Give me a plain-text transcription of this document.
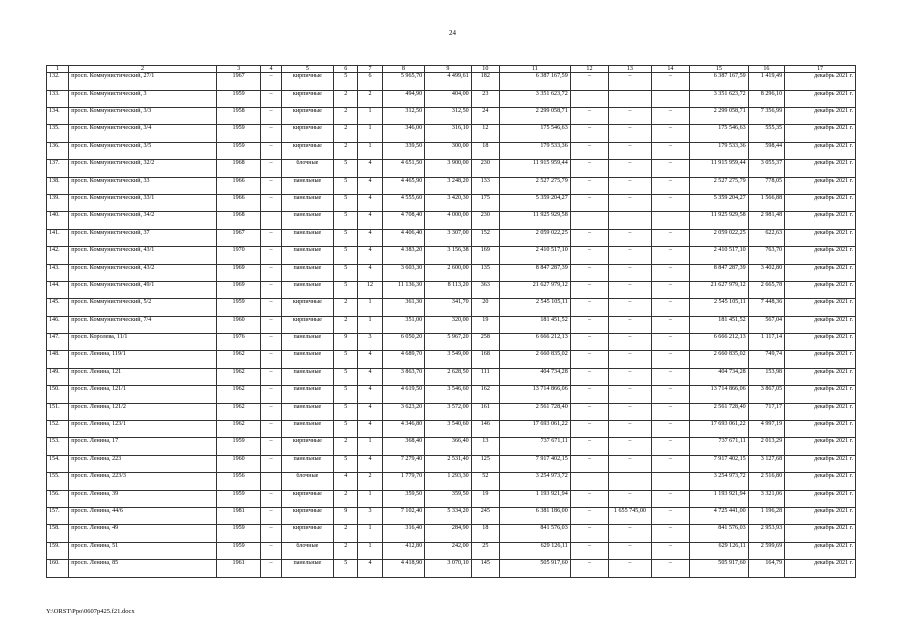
24
1	2	3	4	5	6	7	8	9	10	11	12	13	14	15	16	17
132.	просп. Коммунистический, 27/1	1967	–	кирпичные	5	6	5 965,70	4 499,61	182	6 387 167,59	–	–	–	6 387 167,59	1 419,49	декабрь 2021 г.
133.	просп. Коммунистический, 3	1959	–	кирпичные	2	2	494,90	404,00	23	3 351 623,72				3 351 623,72	8 296,10	декабрь 2021 г.
134.	просп. Коммунистический, 3/3	1958	–	кирпичные	2	1	312,50	312,50	24	2 299 058,71	–	–	–	2 299 058,71	7 356,99	декабрь 2021 г.
135.	просп. Коммунистический, 3/4	1959	–	кирпичные	2	1	346,00	316,10	12	175 546,63	–	–	–	175 546,63	555,35	декабрь 2021 г.
136.	просп. Коммунистический, 3/5	1959	–	кирпичные	2	1	339,50	300,00	18	179 533,36	–	–	–	179 533,36	598,44	декабрь 2021 г.
137.	просп. Коммунистический, 32/2	1968	–	блочные	5	4	4 651,50	3 900,00	230	11 915 959,44	–	–	–	11 915 959,44	3 055,37	декабрь 2021 г.
138.	просп. Коммунистический, 33	1966	–	панельные	5	4	4 465,90	3 248,20	133	2 527 275,79	–	–	–	2 527 275,79	778,05	декабрь 2021 г.
139.	просп. Коммунистический, 33/1	1966	–	панельные	5	4	4 555,60	3 420,30	175	5 359 204,27	–	–	–	5 359 204,27	1 566,88	декабрь 2021 г.
140.	просп. Коммунистический, 34/2	1968		панельные	5	4	4 708,40	4 000,00	230	11 925 929,58				11 925 929,58	2 981,48	декабрь 2021 г.
141.	просп. Коммунистический, 37	1967	–	панельные	5	4	4 406,40	3 307,00	152	2 059 022,25	–	–	–	2 059 022,25	622,63	декабрь 2021 г.
142.	просп. Коммунистический, 43/1	1970	–	панельные	5	4	4 383,20	3 156,38	169	2 410 517,10	–	–	–	2 410 517,10	763,70	декабрь 2021 г.
143.	просп. Коммунистический, 43/2	1969	–	панельные	5	4	3 603,30	2 600,00	135	8 847 287,39	–	–	–	8 847 287,39	3 402,80	декабрь 2021 г.
144.	просп. Коммунистический, 49/1	1969	–	панельные	5	12	11 136,30	8 113,20	363	21 627 979,12	–	–	–	21 627 979,12	2 665,78	декабрь 2021 г.
145.	просп. Коммунистический, 5/2	1959	–	кирпичные	2	1	361,30	341,70	20	2 545 105,11	–	–	–	2 545 105,11	7 448,36	декабрь 2021 г.
146.	просп. Коммунистический, 7/4	1960	–	кирпичные	2	1	351,00	320,00	19	181 451,52	–	–	–	181 451,52	567,04	декабрь 2021 г.
147.	просп. Королева, 11/1	1976	–	панельные	9	3	6 050,20	5 967,20	258	6 666 212,13	–	–	–	6 666 212,13	1 117,14	декабрь 2021 г.
148.	просп. Ленина, 119/1	1962	–	панельные	5	4	4 689,70	3 549,00	168	2 660 835,02	–	–	–	2 660 835,02	749,74	декабрь 2021 г.
149.	просп. Ленина, 121	1962	–	панельные	5	4	3 863,70	2 628,50	111	404 734,28	–	–	–	404 734,28	153,98	декабрь 2021 г.
150.	просп. Ленина, 121/1	1962	–	панельные	5	4	4 619,50	3 546,60	162	13 714 866,06	–	–	–	13 714 866,06	3 867,05	декабрь 2021 г.
151.	просп. Ленина, 121/2	1962	–	панельные	5	4	3 623,20	3 572,00	161	2 561 728,40	–	–	–	2 561 728,40	717,17	декабрь 2021 г.
152.	просп. Ленина, 123/1	1962	–	панельные	5	4	4 346,80	3 540,60	146	17 693 061,22	–	–	–	17 693 061,22	4 997,19	декабрь 2021 г.
153.	просп. Ленина, 17	1959	–	кирпичные	2	1	368,40	366,40	13	737 671,11	–	–	–	737 671,11	2 013,29	декабрь 2021 г.
154.	просп. Ленина, 223	1960	–	панельные	5	4	7 279,40	2 531,40	125	7 917 402,15	–	–	–	7 917 402,15	3 127,68	декабрь 2021 г.
155.	просп. Ленина, 223/3	1956		блочные	4	2	1 779,70	1 293,30	52	3 254 973,72				3 254 973,72	2 516,80	декабрь 2021 г.
156.	просп. Ленина, 39	1959	–	кирпичные	2	1	359,50	359,50	19	1 193 921,94	–	–	–	1 193 921,94	3 321,06	декабрь 2021 г.
157.	просп. Ленина, 44/6	1981	–	кирпичные	9	3	7 102,40	5 334,20	245	6 381 186,00	–	1 655 745,00	–	4 725 441,00	1 196,28	декабрь 2021 г.
158.	просп. Ленина, 49	1959	–	кирпичные	2	1	316,40	284,90	18	841 576,03	–	–	–	841 576,03	2 953,93	декабрь 2021 г.
159.	просп. Ленина, 51	1959	–	блочные	2	1	412,80	242,00	25	629 126,11	–	–	–	629 126,11	2 599,69	декабрь 2021 г.
160.	просп. Ленина, 85	1961	–	панельные	5	4	4 418,90	3 070,10	145	505 917,60	–	–	–	505 917,60	164,79	декабрь 2021 г.
Y:\ORST\Ppo\0607p425.f21.docx
